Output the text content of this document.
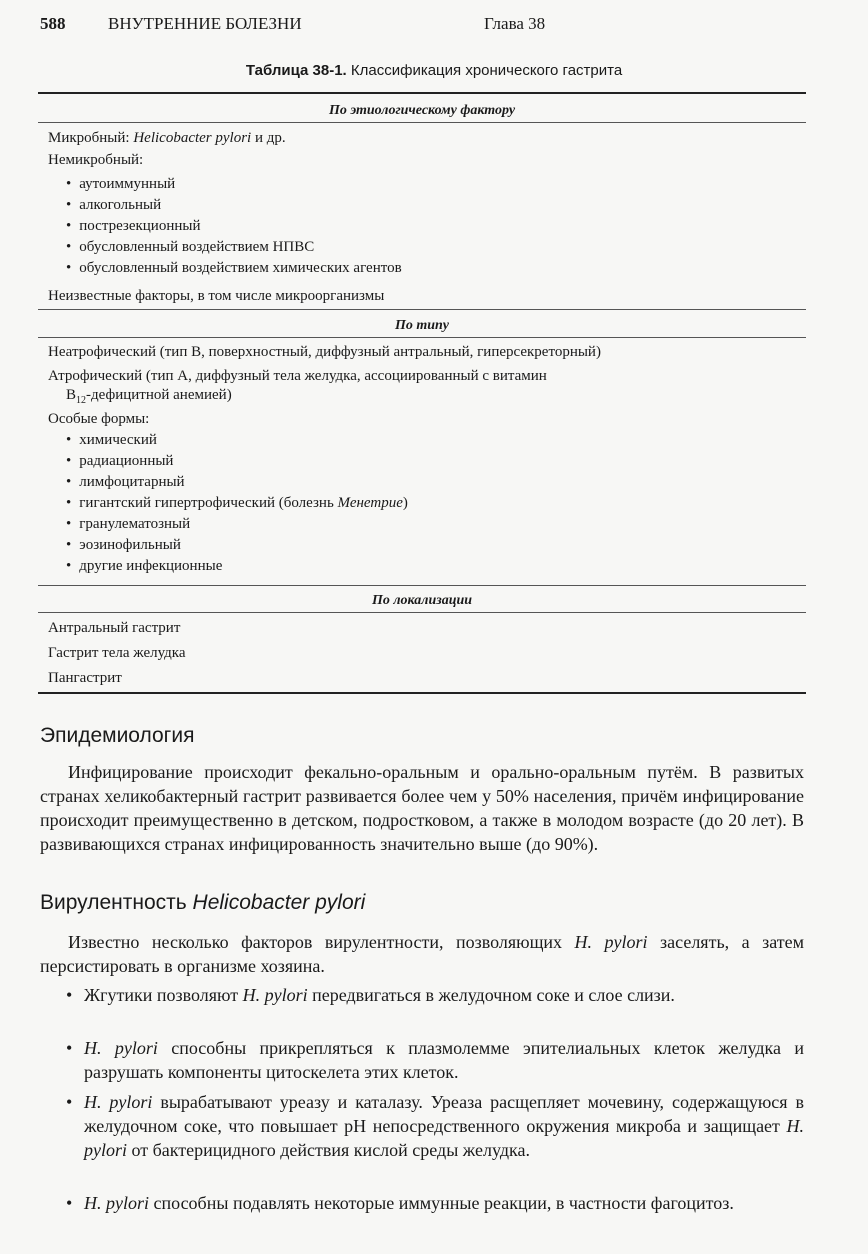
588	ВНУТРЕННИЕ БОЛЕЗНИ	Глава 38
Таблица 38-1. Классификация хронического гастрита
По этиологическому фактору
Микробный: Helicobacter pylori и др.
Немикробный:
• аутоиммунный
• алкогольный
• пострезекционный
• обусловленный воздействием НПВС
• обусловленный воздействием химических агентов
Неизвестные факторы, в том числе микроорганизмы
По типу
Неатрофический (тип В, поверхностный, диффузный антральный, гиперсекреторный)
Атрофический (тип А, диффузный тела желудка, ассоциированный с витамин
$B_{12}$-дефицитной анемией)
Особые формы:
• химический
• радиационный
• лимфоцитарный
• гигантский гипертрофический (болезнь Менетрие)
• гранулематозный
• эозинофильный
• другие инфекционные
По локализации
Антральный гастрит
Гастрит тела желудка
Пангастрит
Эпидемиология
Инфицирование происходит фекально-оральным и орально-оральным путём. В развитых странах хеликобактерный гастрит развивается более чем у 50% населения, причём инфицирование происходит преимущественно в детском, подростковом, а также в молодом возрасте (до 20 лет). В развивающихся странах инфицированность значительно выше (до 90%).
Вирулентность Helicobacter pylori
Известно несколько факторов вирулентности, позволяющих H. pylori заселять, а затем персистировать в организме хозяина.
• Жгутики позволяют H. pylori передвигаться в желудочном соке и слое слизи.
• H. pylori способны прикрепляться к плазмолемме эпителиальных клеток желудка и разрушать компоненты цитоскелета этих клеток.
• H. pylori вырабатывают уреазу и каталазу. Уреаза расщепляет мочевину, содержащуюся в желудочном соке, что повышает pH непосредственного окружения микроба и защищает H. pylori от бактерицидного действия кислой среды желудка.
• H. pylori способны подавлять некоторые иммунные реакции, в частности фагоцитоз.
